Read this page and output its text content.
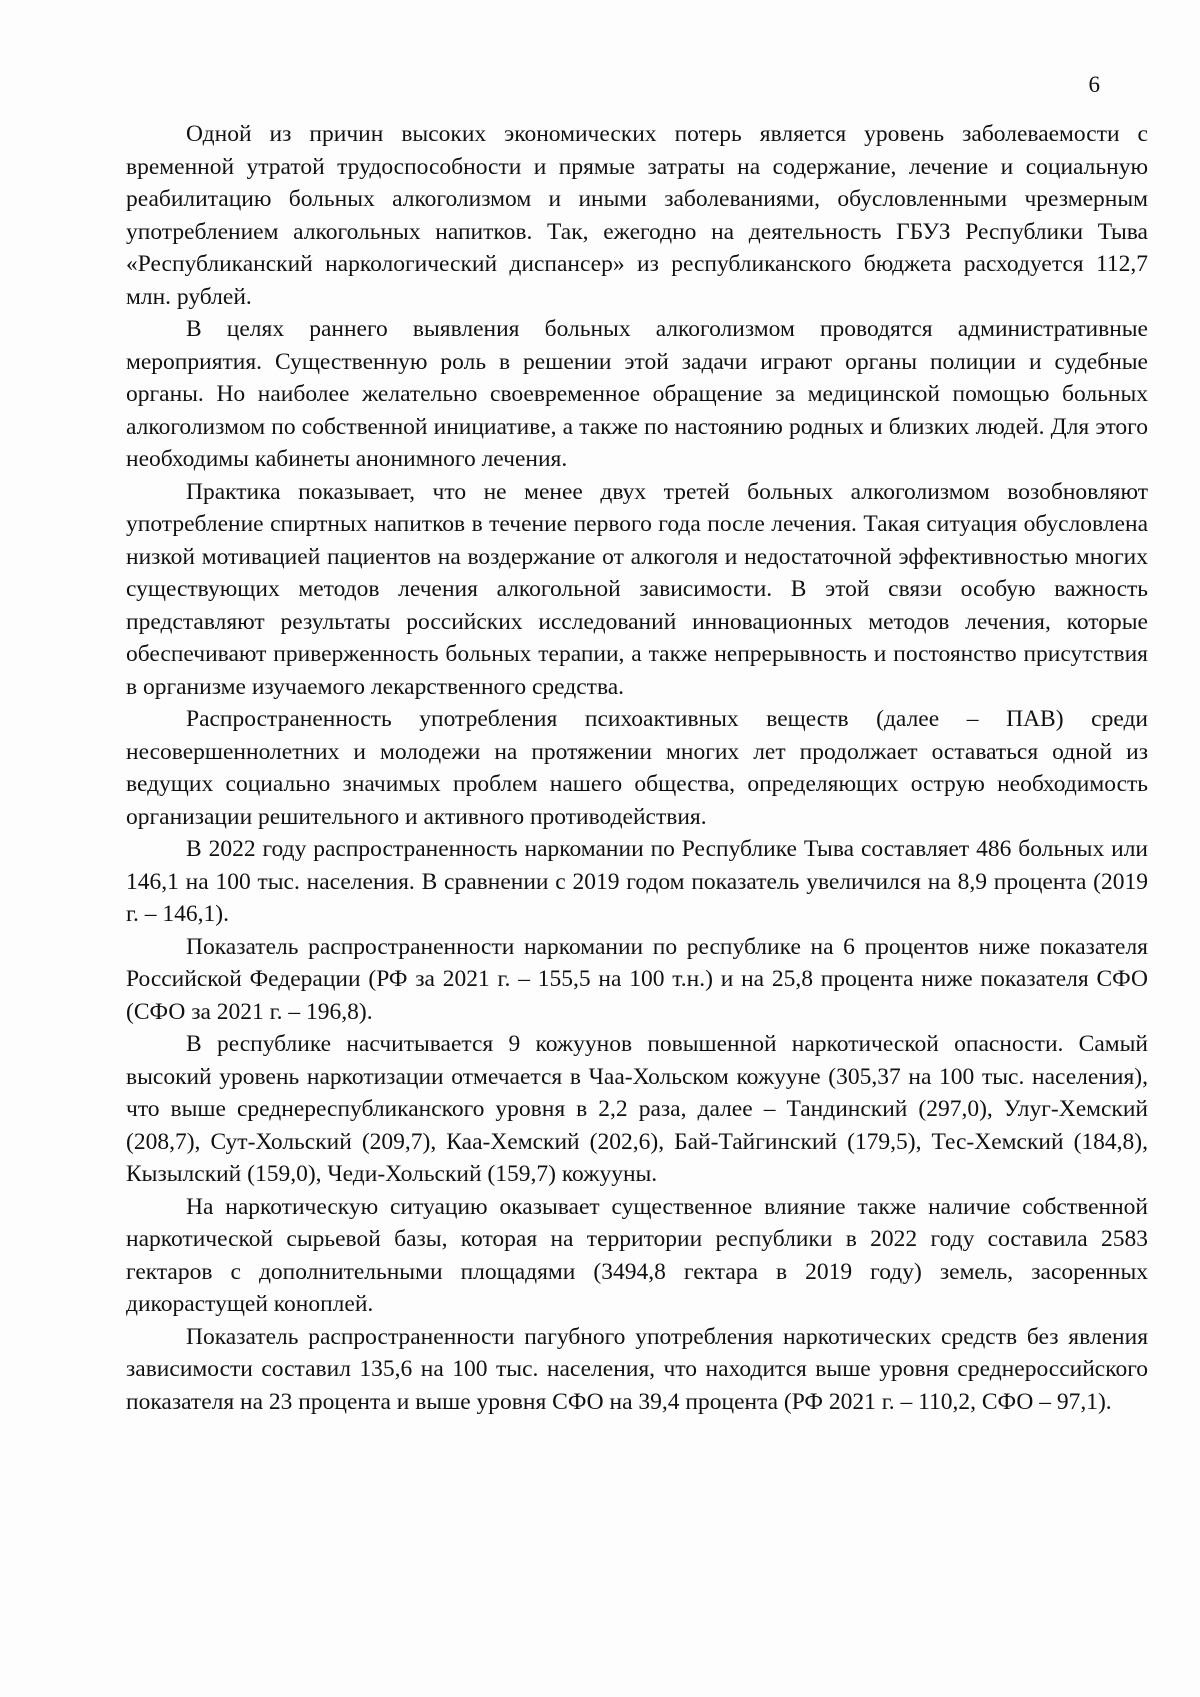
6

Одной из причин высоких экономических потерь является уровень заболеваемости с временной утратой трудоспособности и прямые затраты на содержание, лечение и социальную реабилитацию больных алкоголизмом и иными заболеваниями, обусловленными чрезмерным употреблением алкогольных напитков. Так, ежегодно на деятельность ГБУЗ Республики Тыва «Республиканский наркологический диспансер» из республиканского бюджета расходуется 112,7 млн. рублей.

В целях раннего выявления больных алкоголизмом проводятся административные мероприятия. Существенную роль в решении этой задачи играют органы полиции и судебные органы. Но наиболее желательно своевременное обращение за медицинской помощью больных алкоголизмом по собственной инициативе, а также по настоянию родных и близких людей. Для этого необходимы кабинеты анонимного лечения.

Практика показывает, что не менее двух третей больных алкоголизмом возобновляют употребление спиртных напитков в течение первого года после лечения. Такая ситуация обусловлена низкой мотивацией пациентов на воздержание от алкоголя и недостаточной эффективностью многих существующих методов лечения алкогольной зависимости. В этой связи особую важность представляют результаты российских исследований инновационных методов лечения, которые обеспечивают приверженность больных терапии, а также непрерывность и постоянство присутствия в организме изучаемого лекарственного средства.

Распространенность употребления психоактивных веществ (далее – ПАВ) среди несовершеннолетних и молодежи на протяжении многих лет продолжает оставаться одной из ведущих социально значимых проблем нашего общества, определяющих острую необходимость организации решительного и активного противодействия.

В 2022 году распространенность наркомании по Республике Тыва составляет 486 больных или 146,1 на 100 тыс. населения. В сравнении с 2019 годом показатель увеличился на 8,9 процента (2019 г. – 146,1).

Показатель распространенности наркомании по республике на 6 процентов ниже показателя Российской Федерации (РФ за 2021 г. – 155,5 на 100 т.н.) и на 25,8 процента ниже показателя СФО (СФО за 2021 г. – 196,8).

В республике насчитывается 9 кожуунов повышенной наркотической опасности. Самый высокий уровень наркотизации отмечается в Чаа-Хольском кожууне (305,37 на 100 тыс. населения), что выше среднереспубликанского уровня в 2,2 раза, далее – Тандинский (297,0), Улуг-Хемский (208,7), Сут-Хольский (209,7), Каа-Хемский (202,6), Бай-Тайгинский (179,5), Тес-Хемский (184,8), Кызылский (159,0), Чеди-Хольский (159,7) кожууны.

На наркотическую ситуацию оказывает существенное влияние также наличие собственной наркотической сырьевой базы, которая на территории республики в 2022 году составила 2583 гектаров с дополнительными площадями (3494,8 гектара в 2019 году) земель, засоренных дикорастущей коноплей.

Показатель распространенности пагубного употребления наркотических средств без явления зависимости составил 135,6 на 100 тыс. населения, что находится выше уровня среднероссийского показателя на 23 процента и выше уровня СФО на 39,4 процента (РФ 2021 г. – 110,2, СФО – 97,1).
